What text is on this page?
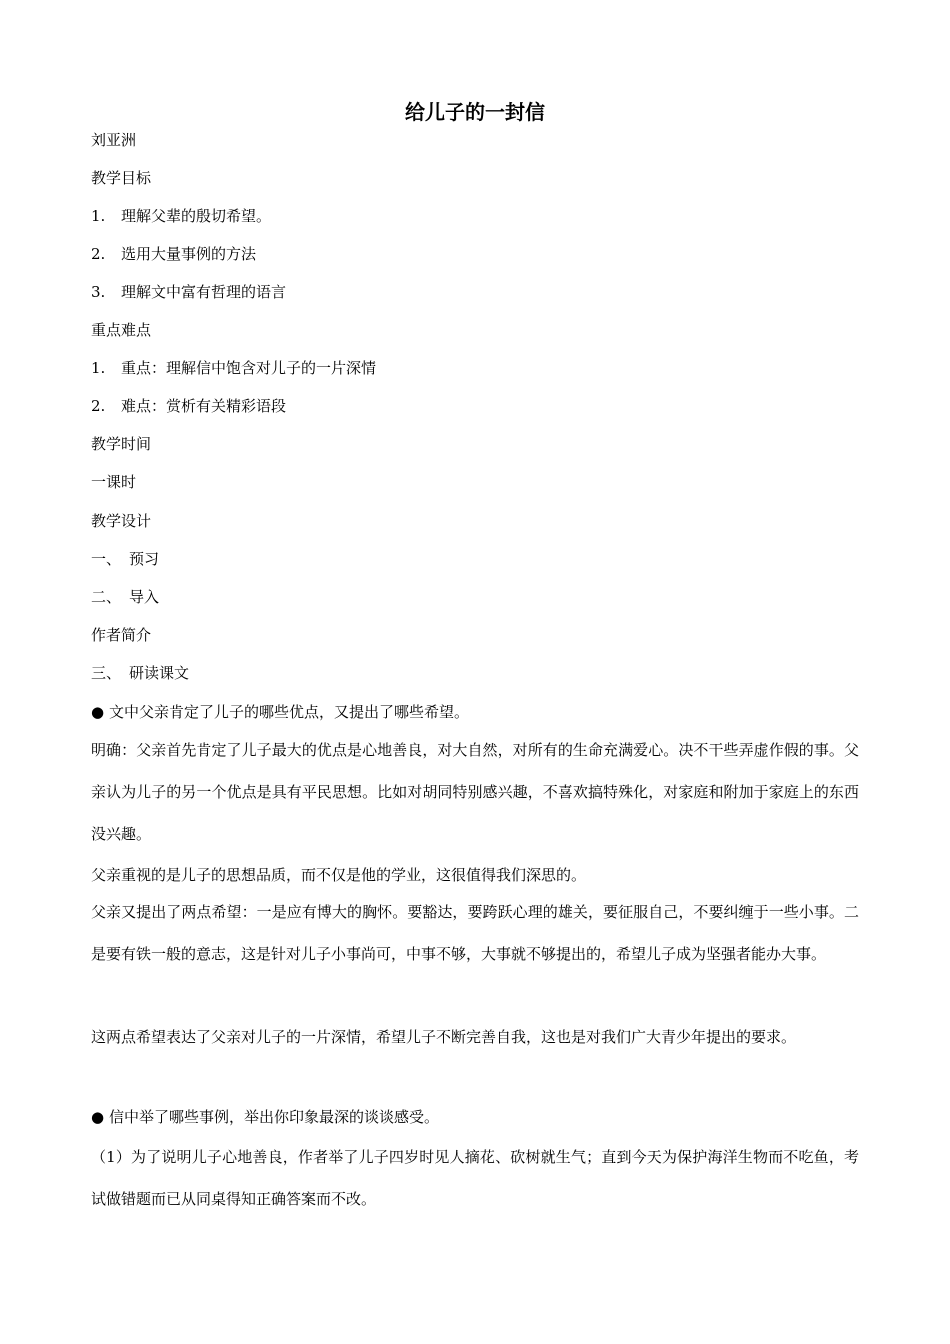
给儿子的一封信
刘亚洲
教学目标
1. 理解父辈的殷切希望。
2. 选用大量事例的方法
3. 理解文中富有哲理的语言
重点难点
1. 重点：理解信中饱含对儿子的一片深情
2. 难点：赏析有关精彩语段
教学时间
一课时
教学设计
一、 预习
二、 导入
作者简介
三、 研读课文
● 文中父亲肯定了儿子的哪些优点，又提出了哪些希望。
明确：父亲首先肯定了儿子最大的优点是心地善良，对大自然，对所有的生命充满爱心。决不干些弄虚作假的事。父亲认为儿子的另一个优点是具有平民思想。比如对胡同特别感兴趣，不喜欢搞特殊化，对家庭和附加于家庭上的东西没兴趣。
父亲重视的是儿子的思想品质，而不仅是他的学业，这很值得我们深思的。
父亲又提出了两点希望：一是应有博大的胸怀。要豁达，要跨跃心理的雄关，要征服自己，不要纠缠于一些小事。二是要有铁一般的意志，这是针对儿子小事尚可，中事不够，大事就不够提出的，希望儿子成为坚强者能办大事。
这两点希望表达了父亲对儿子的一片深情，希望儿子不断完善自我，这也是对我们广大青少年提出的要求。
● 信中举了哪些事例，举出你印象最深的谈谈感受。
（1）为了说明儿子心地善良，作者举了儿子四岁时见人摘花、砍树就生气；直到今天为保护海洋生物而不吃鱼，考试做错题而已从同桌得知正确答案而不改。
